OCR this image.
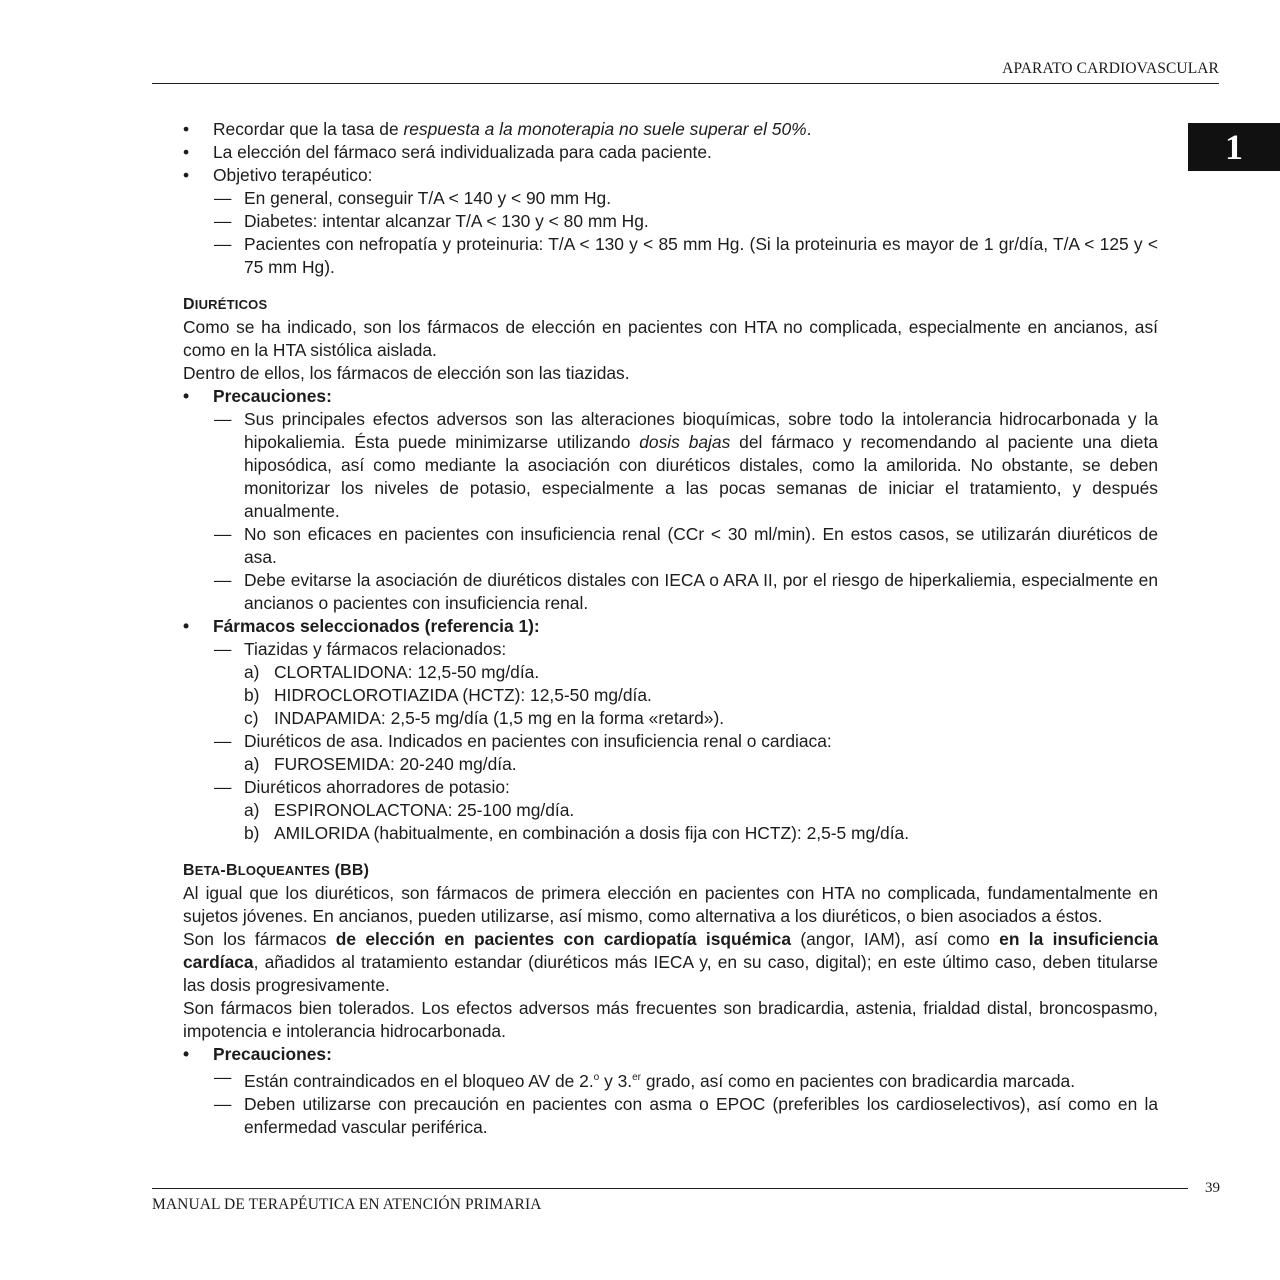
APARATO CARDIOVASCULAR
1
• Recordar que la tasa de respuesta a la monoterapia no suele superar el 50%.
• La elección del fármaco será individualizada para cada paciente.
• Objetivo terapéutico:
— En general, conseguir T/A < 140 y < 90 mm Hg.
— Diabetes: intentar alcanzar T/A < 130 y < 80 mm Hg.
— Pacientes con nefropatía y proteinuria: T/A < 130 y < 85 mm Hg. (Si la proteinuria es mayor de 1 gr/día, T/A < 125 y < 75 mm Hg).
DIURÉTICOS

Como se ha indicado, son los fármacos de elección en pacientes con HTA no complicada, especialmente en ancianos, así como en la HTA sistólica aislada.

Dentro de ellos, los fármacos de elección son las tiazidas.

• Precauciones:
— Sus principales efectos adversos son las alteraciones bioquímicas, sobre todo la intolerancia hidrocarbonada y la hipokaliemia. Ésta puede minimizarse utilizando dosis bajas del fármaco y recomendando al paciente una dieta hiposódica, así como mediante la asociación con diuréticos distales, como la amilorida. No obstante, se deben monitorizar los niveles de potasio, especialmente a las pocas semanas de iniciar el tratamiento, y después anualmente.
— No son eficaces en pacientes con insuficiencia renal (CCr < 30 ml/min). En estos casos, se utilizarán diuréticos de asa.
— Debe evitarse la asociación de diuréticos distales con IECA o ARA II, por el riesgo de hiperkaliemia, especialmente en ancianos o pacientes con insuficiencia renal.
• Fármacos seleccionados (referencia 1):
— Tiazidas y fármacos relacionados:
a) CLORTALIDONA: 12,5-50 mg/día.
b) HIDROCLOROTIAZIDA (HCTZ): 12,5-50 mg/día.
c) INDAPAMIDA: 2,5-5 mg/día (1,5 mg en la forma «retard»).
— Diuréticos de asa. Indicados en pacientes con insuficiencia renal o cardiaca:
a) FUROSEMIDA: 20-240 mg/día.
— Diuréticos ahorradores de potasio:
a) ESPIRONOLACTONA: 25-100 mg/día.
b) AMILORIDA (habitualmente, en combinación a dosis fija con HCTZ): 2,5-5 mg/día.
BETA-BLOQUEANTES (BB)

Al igual que los diuréticos, son fármacos de primera elección en pacientes con HTA no complicada, fundamentalmente en sujetos jóvenes. En ancianos, pueden utilizarse, así mismo, como alternativa a los diuréticos, o bien asociados a éstos.

Son los fármacos de elección en pacientes con cardiopatía isquémica (angor, IAM), así como en la insuficiencia cardíaca, añadidos al tratamiento estandar (diuréticos más IECA y, en su caso, digital); en este último caso, deben titularse las dosis progresivamente.

Son fármacos bien tolerados. Los efectos adversos más frecuentes son bradicardia, astenia, frialdad distal, broncospasmo, impotencia e intolerancia hidrocarbonada.

• Precauciones:
— Están contraindicados en el bloqueo AV de 2.$^o$ y 3.$^{er}$ grado, así como en pacientes con bradicardia marcada.
— Deben utilizarse con precaución en pacientes con asma o EPOC (preferibles los cardioselectivos), así como en la enfermedad vascular periférica.
39
MANUAL DE TERAPÉUTICA EN ATENCIÓN PRIMARIA
